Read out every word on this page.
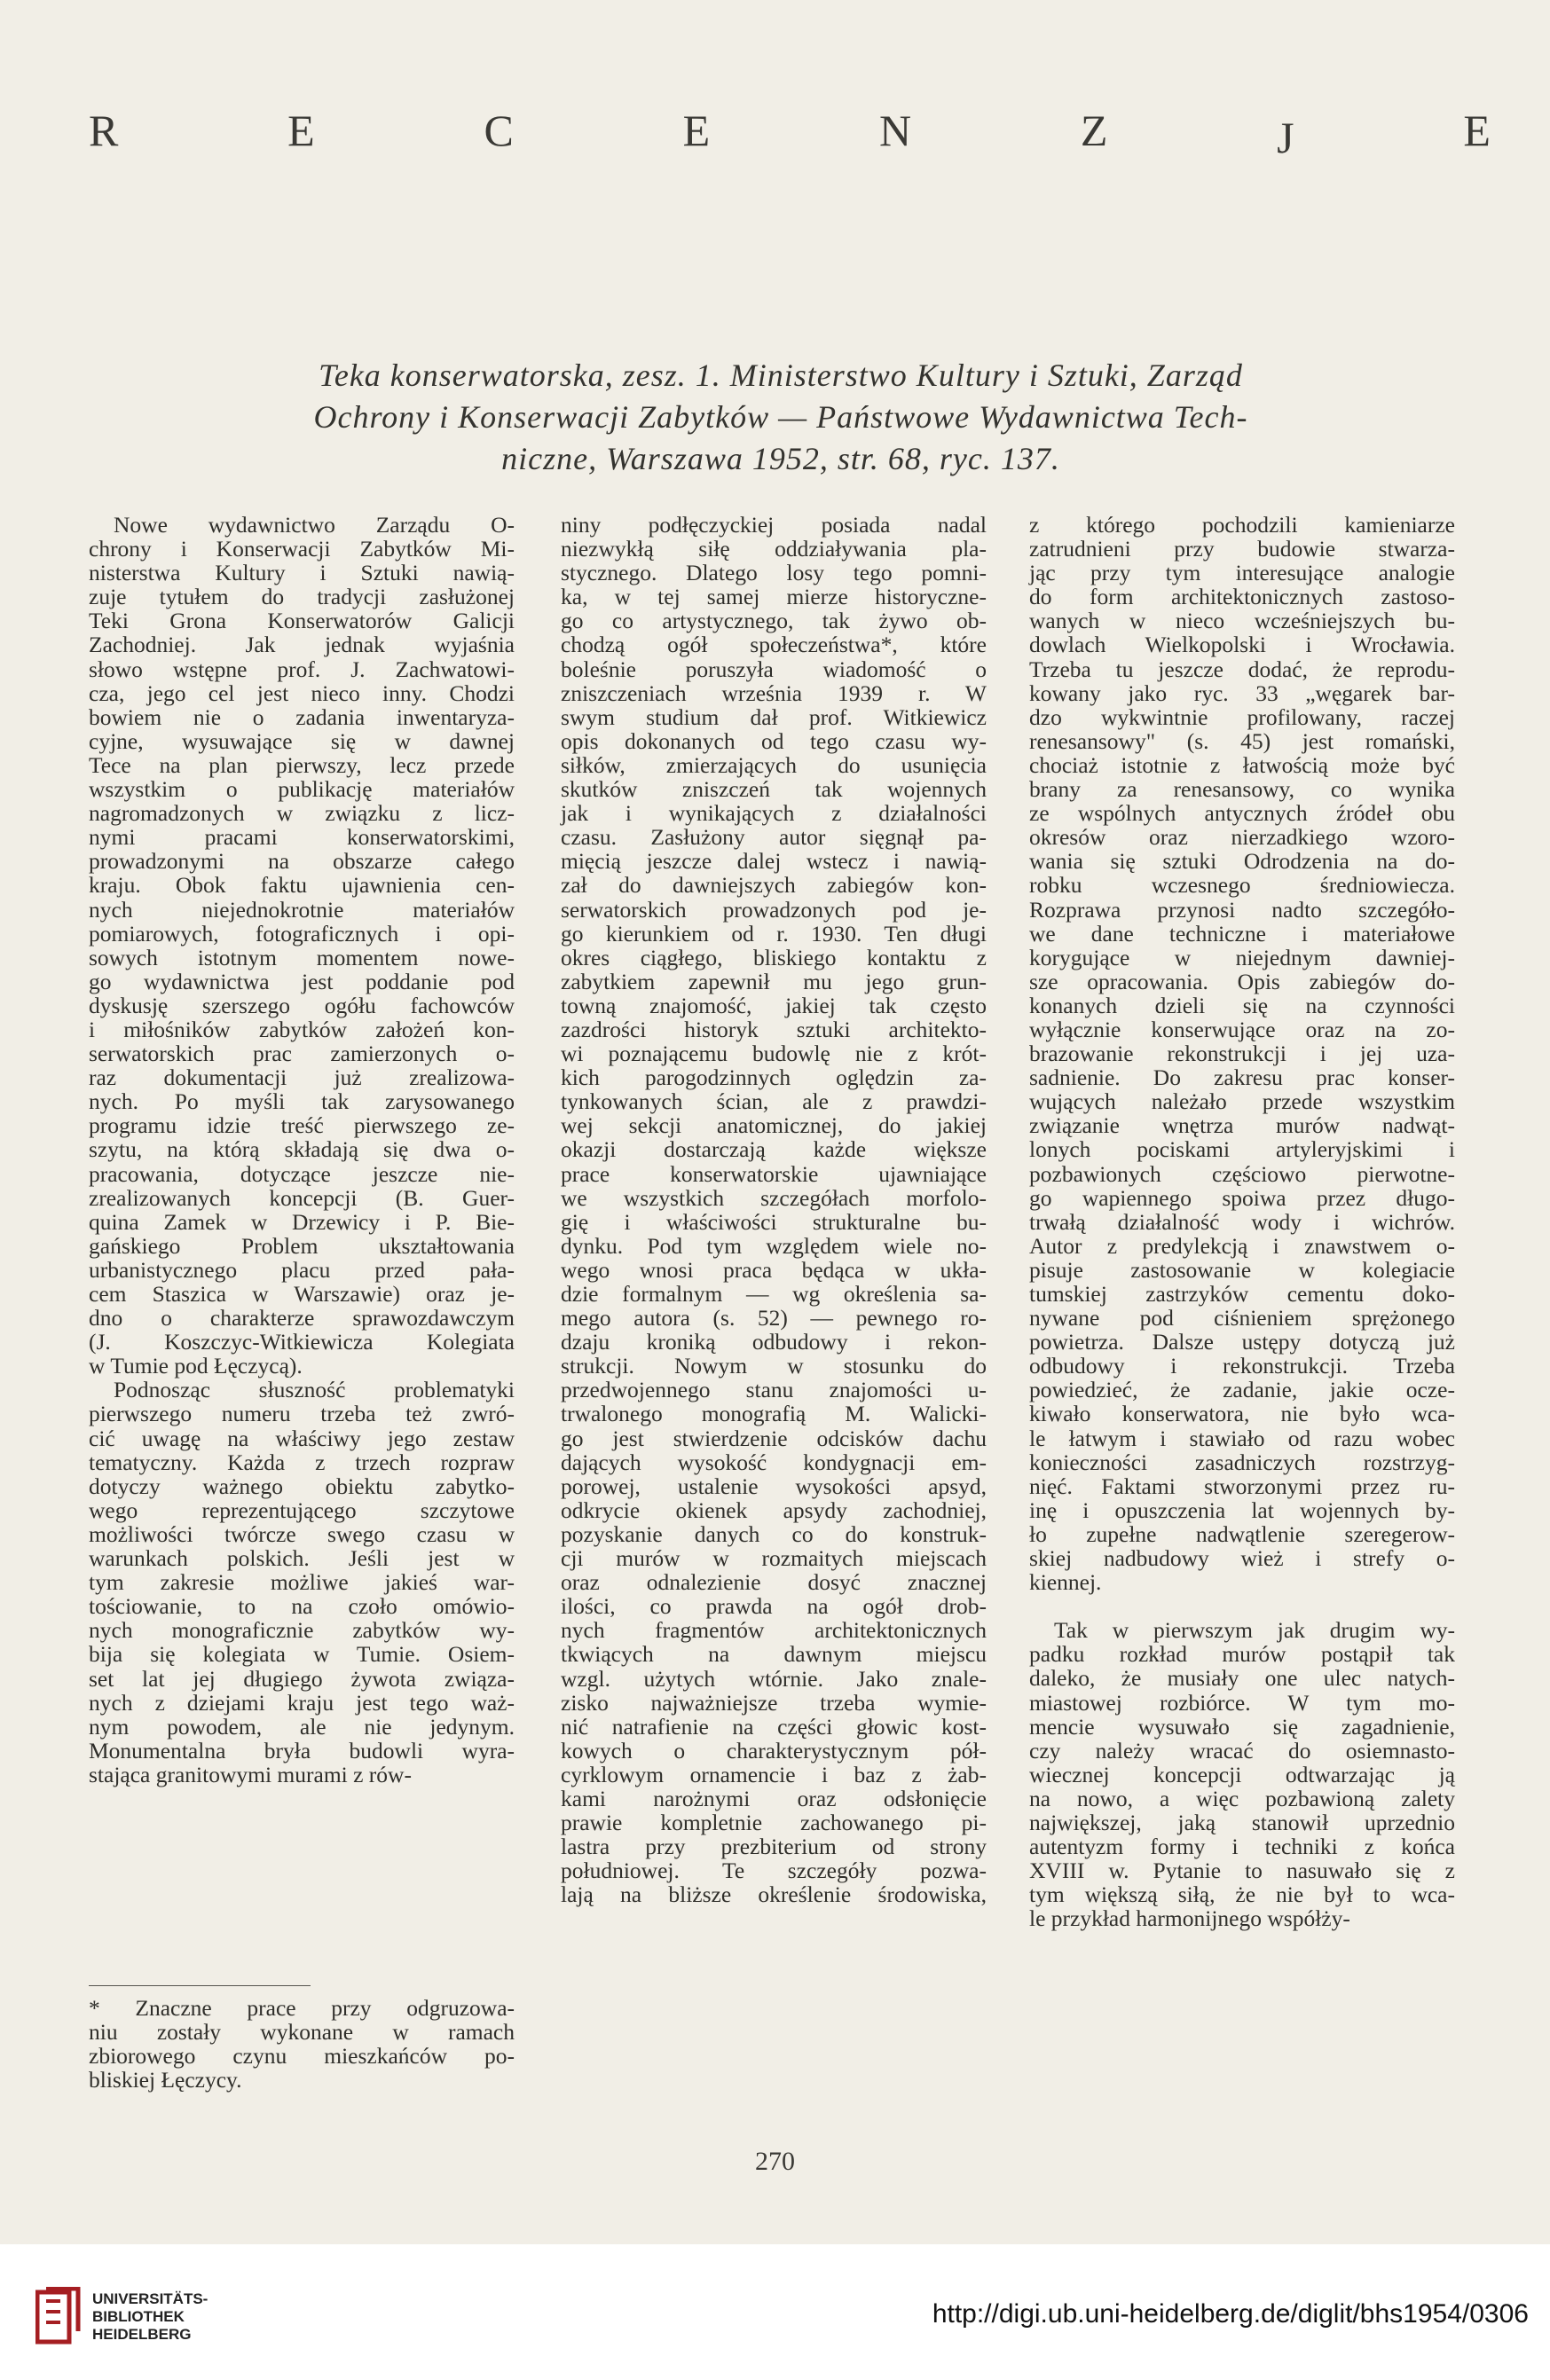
R	E	C	E	N	Z	J	E
Teka konserwatorska, zesz. 1. Ministerstwo Kultury i Sztuki, Zarząd
Ochrony i Konserwacji Zabytków — Państwowe Wydawnictwa Tech-
niczne, Warszawa 1952, str. 68, ryc. 137.
Nowe wydawnictwo Zarządu O-
chrony i Konserwacji Zabytków Mi-
nisterstwa Kultury i Sztuki nawią-
zuje tytułem do tradycji zasłużonej
Teki Grona Konserwatorów Galicji
Zachodniej. Jak jednak wyjaśnia
słowo wstępne prof. J. Zachwatowi-
cza, jego cel jest nieco inny. Chodzi
bowiem nie o zadania inwentaryza-
cyjne, wysuwające się w dawnej
Tece na plan pierwszy, lecz przede
wszystkim o publikację materiałów
nagromadzonych w związku z licz-
nymi pracami konserwatorskimi,
prowadzonymi na obszarze całego
kraju. Obok faktu ujawnienia cen-
nych niejednokrotnie materiałów
pomiarowych, fotograficznych i opi-
sowych istotnym momentem nowe-
go wydawnictwa jest poddanie pod
dyskusję szerszego ogółu fachowców
i miłośników zabytków założeń kon-
serwatorskich prac zamierzonych o-
raz dokumentacji już zrealizowa-
nych. Po myśli tak zarysowanego
programu idzie treść pierwszego ze-
szytu, na którą składają się dwa o-
pracowania, dotyczące jeszcze nie-
zrealizowanych koncepcji (B. Guer-
quina Zamek w Drzewicy i P. Bie-
gańskiego Problem ukształtowania
urbanistycznego placu przed pała-
cem Staszica w Warszawie) oraz je-
dno o charakterze sprawozdawczym
(J. Koszczyc-Witkiewicza Kolegiata
w Tumie pod Łęczycą).
Podnosząc słuszność problematyki
pierwszego numeru trzeba też zwró-
cić uwagę na właściwy jego zestaw
tematyczny. Każda z trzech rozpraw
dotyczy ważnego obiektu zabytko-
wego reprezentującego szczytowe
możliwości twórcze swego czasu w
warunkach polskich. Jeśli jest w
tym zakresie możliwe jakieś war-
tościowanie, to na czoło omówio-
nych monograficznie zabytków wy-
bija się kolegiata w Tumie. Osiem-
set lat jej długiego żywota związa-
nych z dziejami kraju jest tego waż-
nym powodem, ale nie jedynym.
Monumentalna bryła budowli wyra-
stająca granitowymi murami z rów-
niny podłęczyckiej posiada nadal
niezwykłą siłę oddziaływania pla-
stycznego. Dlatego losy tego pomni-
ka, w tej samej mierze historyczne-
go co artystycznego, tak żywo ob-
chodzą ogół społeczeństwa*, które
boleśnie poruszyła wiadomość o
zniszczeniach września 1939 r. W
swym studium dał prof. Witkiewicz
opis dokonanych od tego czasu wy-
siłków, zmierzających do usunięcia
skutków zniszczeń tak wojennych
jak i wynikających z działalności
czasu. Zasłużony autor sięgnął pa-
mięcią jeszcze dalej wstecz i nawią-
zał do dawniejszych zabiegów kon-
serwatorskich prowadzonych pod je-
go kierunkiem od r. 1930. Ten długi
okres ciągłego, bliskiego kontaktu z
zabytkiem zapewnił mu jego grun-
towną znajomość, jakiej tak często
zazdrości historyk sztuki architekto-
wi poznającemu budowlę nie z krót-
kich parogodzinnych oględzin za-
tynkowanych ścian, ale z prawdzi-
wej sekcji anatomicznej, do jakiej
okazji dostarczają każde większe
prace konserwatorskie ujawniające
we wszystkich szczegółach morfolo-
gię i właściwości strukturalne bu-
dynku. Pod tym względem wiele no-
wego wnosi praca będąca w ukła-
dzie formalnym — wg określenia sa-
mego autora (s. 52) — pewnego ro-
dzaju kroniką odbudowy i rekon-
strukcji. Nowym w stosunku do
przedwojennego stanu znajomości u-
trwalonego monografią M. Walicki-
go jest stwierdzenie odcisków dachu
dających wysokość kondygnacji em-
porowej, ustalenie wysokości apsyd,
odkrycie okienek apsydy zachodniej,
pozyskanie danych co do konstruk-
cji murów w rozmaitych miejscach
oraz odnalezienie dosyć znacznej
ilości, co prawda na ogół drob-
nych fragmentów architektonicznych
tkwiących na dawnym miejscu
wzgl. użytych wtórnie. Jako znale-
zisko najważniejsze trzeba wymie-
nić natrafienie na części głowic kost-
kowych o charakterystycznym pół-
cyrklowym ornamencie i baz z żab-
kami narożnymi oraz odsłonięcie
prawie kompletnie zachowanego pi-
lastra przy prezbiterium od strony
południowej. Te szczegóły pozwa-
lają na bliższe określenie środowiska,
z którego pochodzili kamieniarze
zatrudnieni przy budowie stwarza-
jąc przy tym interesujące analogie
do form architektonicznych zastoso-
wanych w nieco wcześniejszych bu-
dowlach Wielkopolski i Wrocławia.
Trzeba tu jeszcze dodać, że reprodu-
kowany jako ryc. 33 „węgarek bar-
dzo wykwintnie profilowany, raczej
renesansowy" (s. 45) jest romański,
chociaż istotnie z łatwością może być
brany za renesansowy, co wynika
ze wspólnych antycznych źródeł obu
okresów oraz nierzadkiego wzoro-
wania się sztuki Odrodzenia na do-
robku wczesnego średniowiecza.
Rozprawa przynosi nadto szczegóło-
we dane techniczne i materiałowe
korygujące w niejednym dawniej-
sze opracowania. Opis zabiegów do-
konanych dzieli się na czynności
wyłącznie konserwujące oraz na zo-
brazowanie rekonstrukcji i jej uza-
sadnienie. Do zakresu prac konser-
wujących należało przede wszystkim
związanie wnętrza murów nadwąt-
lonych pociskami artyleryjskimi i
pozbawionych częściowo pierwotne-
go wapiennego spoiwa przez długo-
trwałą działalność wody i wichrów.
Autor z predylekcją i znawstwem o-
pisuje zastosowanie w kolegiacie
tumskiej zastrzyków cementu doko-
nywane pod ciśnieniem sprężonego
powietrza. Dalsze ustępy dotyczą już
odbudowy i rekonstrukcji. Trzeba
powiedzieć, że zadanie, jakie ocze-
kiwało konserwatora, nie było wca-
le łatwym i stawiało od razu wobec
konieczności zasadniczych rozstrzyg-
nięć. Faktami stworzonymi przez ru-
inę i opuszczenia lat wojennych by-
ło zupełne nadwątlenie szeregerow-
skiej nadbudowy wież i strefy o-
kiennej.
Tak w pierwszym jak drugim wy-
padku rozkład murów postąpił tak
daleko, że musiały one ulec natych-
miastowej rozbiórce. W tym mo-
mencie wysuwało się zagadnienie,
czy należy wracać do osiemnasto-
wiecznej koncepcji odtwarzając ją
na nowo, a więc pozbawioną zalety
największej, jaką stanowił uprzednio
autentyzm formy i techniki z końca
XVIII w. Pytanie to nasuwało się z
tym większą siłą, że nie był to wca-
le przykład harmonijnego współży-
* Znaczne prace przy odgruzowa-
niu zostały wykonane w ramach
zbiorowego czynu mieszkańców po-
bliskiej Łęczycy.
270
UNIVERSITÄTS-
BIBLIOTHEK
HEIDELBERG
http://digi.ub.uni-heidelberg.de/diglit/bhs1954/0306
